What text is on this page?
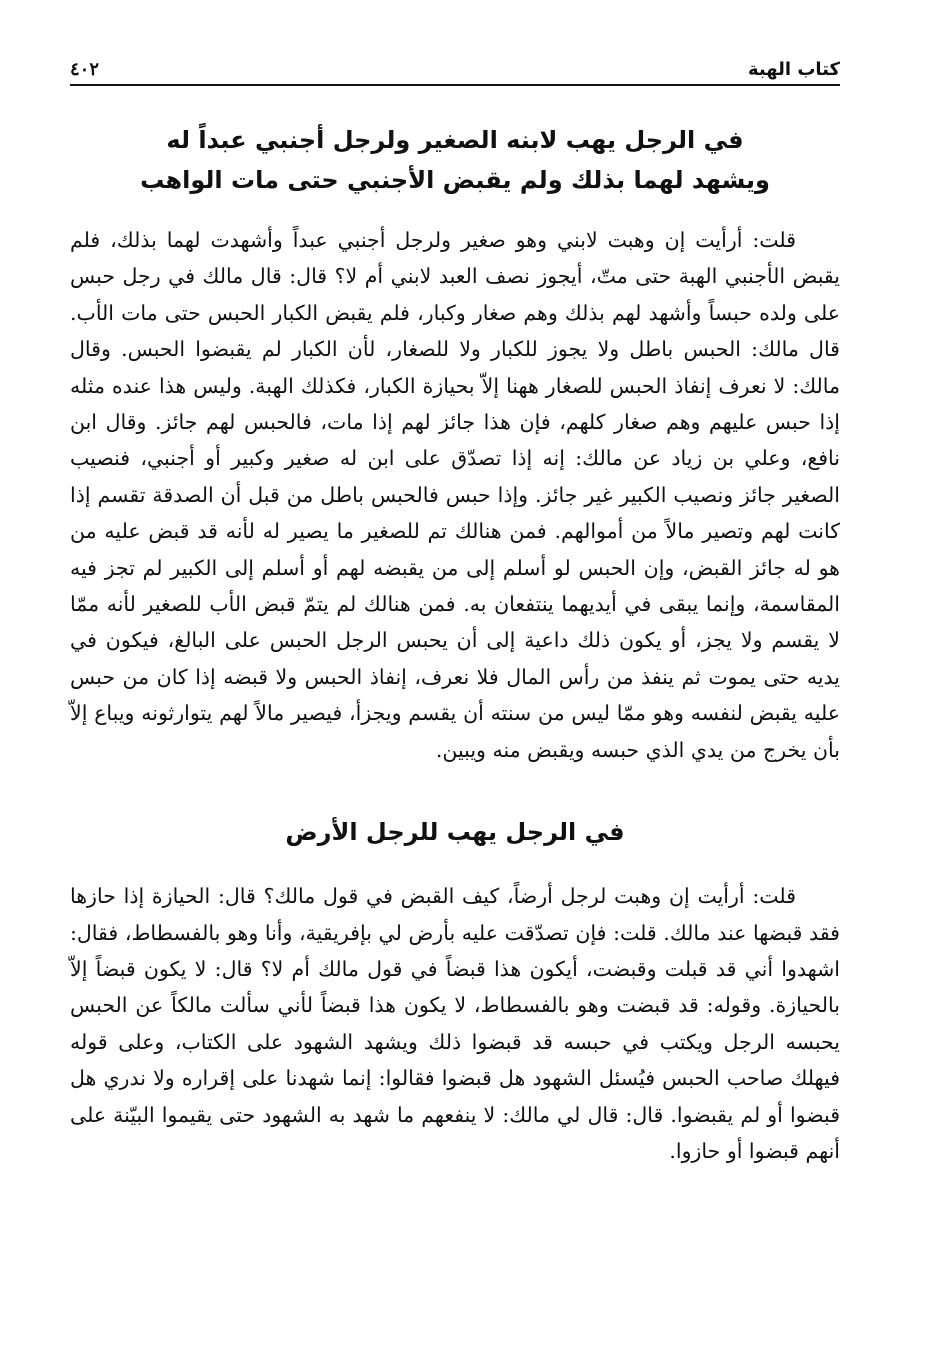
كتاب الهبة
٤٠٢
في الرجل يهب لابنه الصغير ولرجل أجنبي عبداً له
ويشهد لهما بذلك ولم يقبض الأجنبي حتى مات الواهب

قلت: أرأيت إن وهبت لابني وهو صغير ولرجل أجنبي عبداً وأشهدت لهما بذلك، فلم يقبض الأجنبي الهبة حتى متّ، أيجوز نصف العبد لابني أم لا؟ قال: قال مالك في رجل حبس على ولده حبساً وأشهد لهم بذلك وهم صغار وكبار، فلم يقبض الكبار الحبس حتى مات الأب. قال مالك: الحبس باطل ولا يجوز للكبار ولا للصغار، لأن الكبار لم يقبضوا الحبس. وقال مالك: لا نعرف إنفاذ الحبس للصغار ههنا إلاّ بحيازة الكبار، فكذلك الهبة. وليس هذا عنده مثله إذا حبس عليهم وهم صغار كلهم، فإن هذا جائز لهم إذا مات، فالحبس لهم جائز. وقال ابن نافع، وعلي بن زياد عن مالك: إنه إذا تصدّق على ابن له صغير وكبير أو أجنبي، فنصيب الصغير جائز ونصيب الكبير غير جائز. وإذا حبس فالحبس باطل من قبل أن الصدقة تقسم إذا كانت لهم وتصير مالاً من أموالهم. فمن هنالك تم للصغير ما يصير له لأنه قد قبض عليه من هو له جائز القبض، وإن الحبس لو أسلم إلى من يقبضه لهم أو أسلم إلى الكبير لم تجز فيه المقاسمة، وإنما يبقى في أيديهما ينتفعان به. فمن هنالك لم يتمّ قبض الأب للصغير لأنه ممّا لا يقسم ولا يجز، أو يكون ذلك داعية إلى أن يحبس الرجل الحبس على البالغ، فيكون في يديه حتى يموت ثم ينفذ من رأس المال فلا نعرف، إنفاذ الحبس ولا قبضه إذا كان من حبس عليه يقبض لنفسه وهو ممّا ليس من سنته أن يقسم ويجزأ، فيصير مالاً لهم يتوارثونه ويباع إلاّ بأن يخرج من يدي الذي حبسه ويقبض منه ويبين.

في الرجل يهب للرجل الأرض

قلت: أرأيت إن وهبت لرجل أرضاً، كيف القبض في قول مالك؟ قال: الحيازة إذا حازها فقد قبضها عند مالك. قلت: فإن تصدّقت عليه بأرض لي بإفريقية، وأنا وهو بالفسطاط، فقال: اشهدوا أني قد قبلت وقبضت، أيكون هذا قبضاً في قول مالك أم لا؟ قال: لا يكون قبضاً إلاّ بالحيازة. وقوله: قد قبضت وهو بالفسطاط، لا يكون هذا قبضاً لأني سألت مالكاً عن الحبس يحبسه الرجل ويكتب في حبسه قد قبضوا ذلك ويشهد الشهود على الكتاب، وعلى قوله فيهلك صاحب الحبس فيُسئل الشهود هل قبضوا فقالوا: إنما شهدنا على إقراره ولا ندري هل قبضوا أو لم يقبضوا. قال: قال لي مالك: لا ينفعهم ما شهد به الشهود حتى يقيموا البيّنة على أنهم قبضوا أو حازوا.
